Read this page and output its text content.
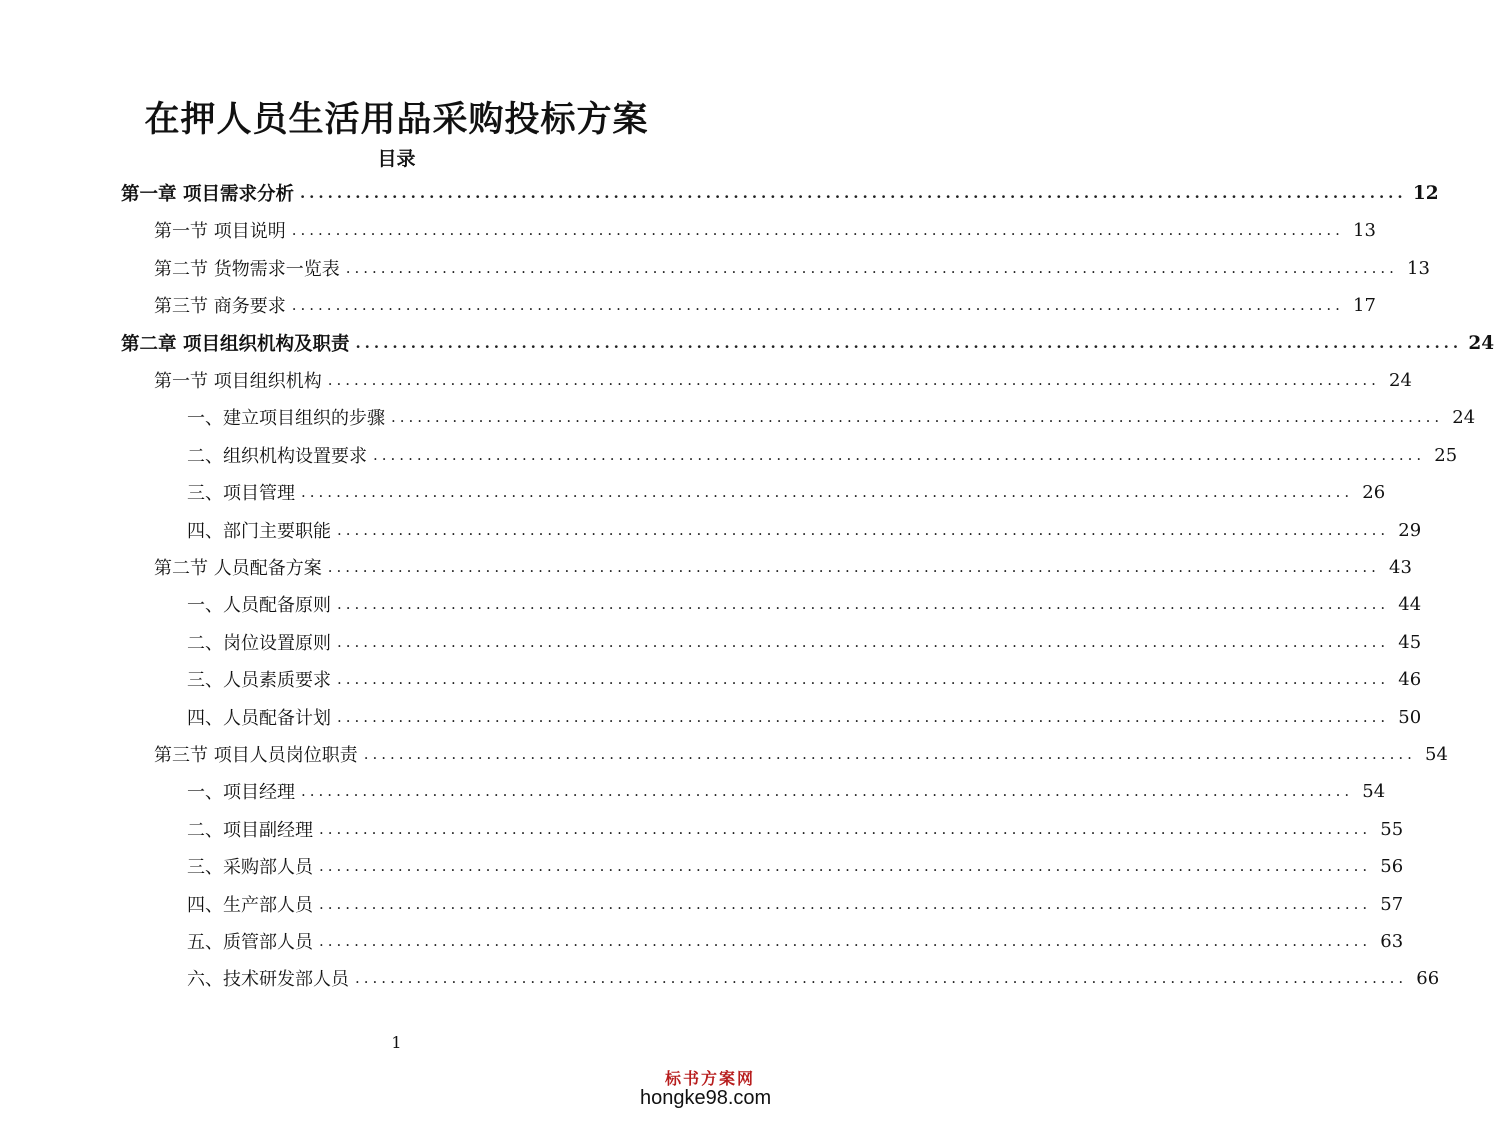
在押人员生活用品采购投标方案
目录
第一章 项目需求分析 ........................................................................................................................ 12
第一节 项目说明 ........................................................................................................................ 13
第二节 货物需求一览表 ........................................................................................................................ 13
第三节 商务要求 ........................................................................................................................ 17
第二章 项目组织机构及职责 ........................................................................................................................ 24
第一节 项目组织机构 ........................................................................................................................ 24
一、建立项目组织的步骤 ........................................................................................................................ 24
二、组织机构设置要求 ........................................................................................................................ 25
三、项目管理 ........................................................................................................................ 26
四、部门主要职能 ........................................................................................................................ 29
第二节 人员配备方案 ........................................................................................................................ 43
一、人员配备原则 ........................................................................................................................ 44
二、岗位设置原则 ........................................................................................................................ 45
三、人员素质要求 ........................................................................................................................ 46
四、人员配备计划 ........................................................................................................................ 50
第三节 项目人员岗位职责 ........................................................................................................................ 54
一、项目经理 ........................................................................................................................ 54
二、项目副经理 ........................................................................................................................ 55
三、采购部人员 ........................................................................................................................ 56
四、生产部人员 ........................................................................................................................ 57
五、质管部人员 ........................................................................................................................ 63
六、技术研发部人员 ........................................................................................................................ 66
1
标书方案网
hongke98.com
